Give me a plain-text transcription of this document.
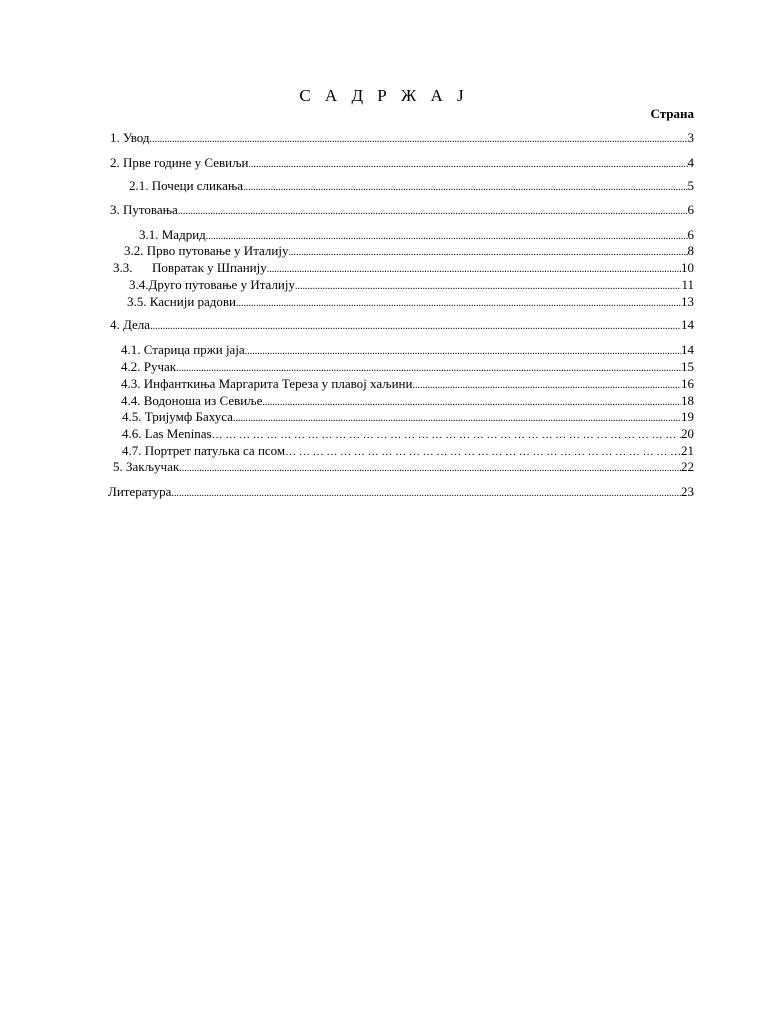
С А Д Р Ж А Ј
Страна
1. Увод .....	3
2. Прве године у Севиљи .....	4
2.1. Почеци сликања .....	5
3. Путовања .....	6
3.1. Мадрид .....	6
3.2. Прво путовање у Италију .....	8
3.3. Повратак у Шпанију .....	10
3.4. Друго путовање у Италију .....	11
3.5. Каснији радови .....	13
4. Дела .....	14
4.1. Старица пржи јаја .....	14
4.2. Ручак .....	15
4.3. Инфанткиња Маргарита Тереза у плавој хаљини .....	16
4.4. Водоноша из Севиље .....	18
4.5. Тријумф Бахуса .....	19
4.6. Las Meninas … … … … … … … … … … … … … … … … … … … … … … … … … … … … … … … … … … … … … … … … … … … … … … … … … …	20
4.7. Портрет патуљка са псом … … … … … … … … … … … … … … … … … … … … … … … … … … … … … … … … … … … … … … … … … … … … … … … … … …	21
5. Закључак .....	22
Литература .....	23
